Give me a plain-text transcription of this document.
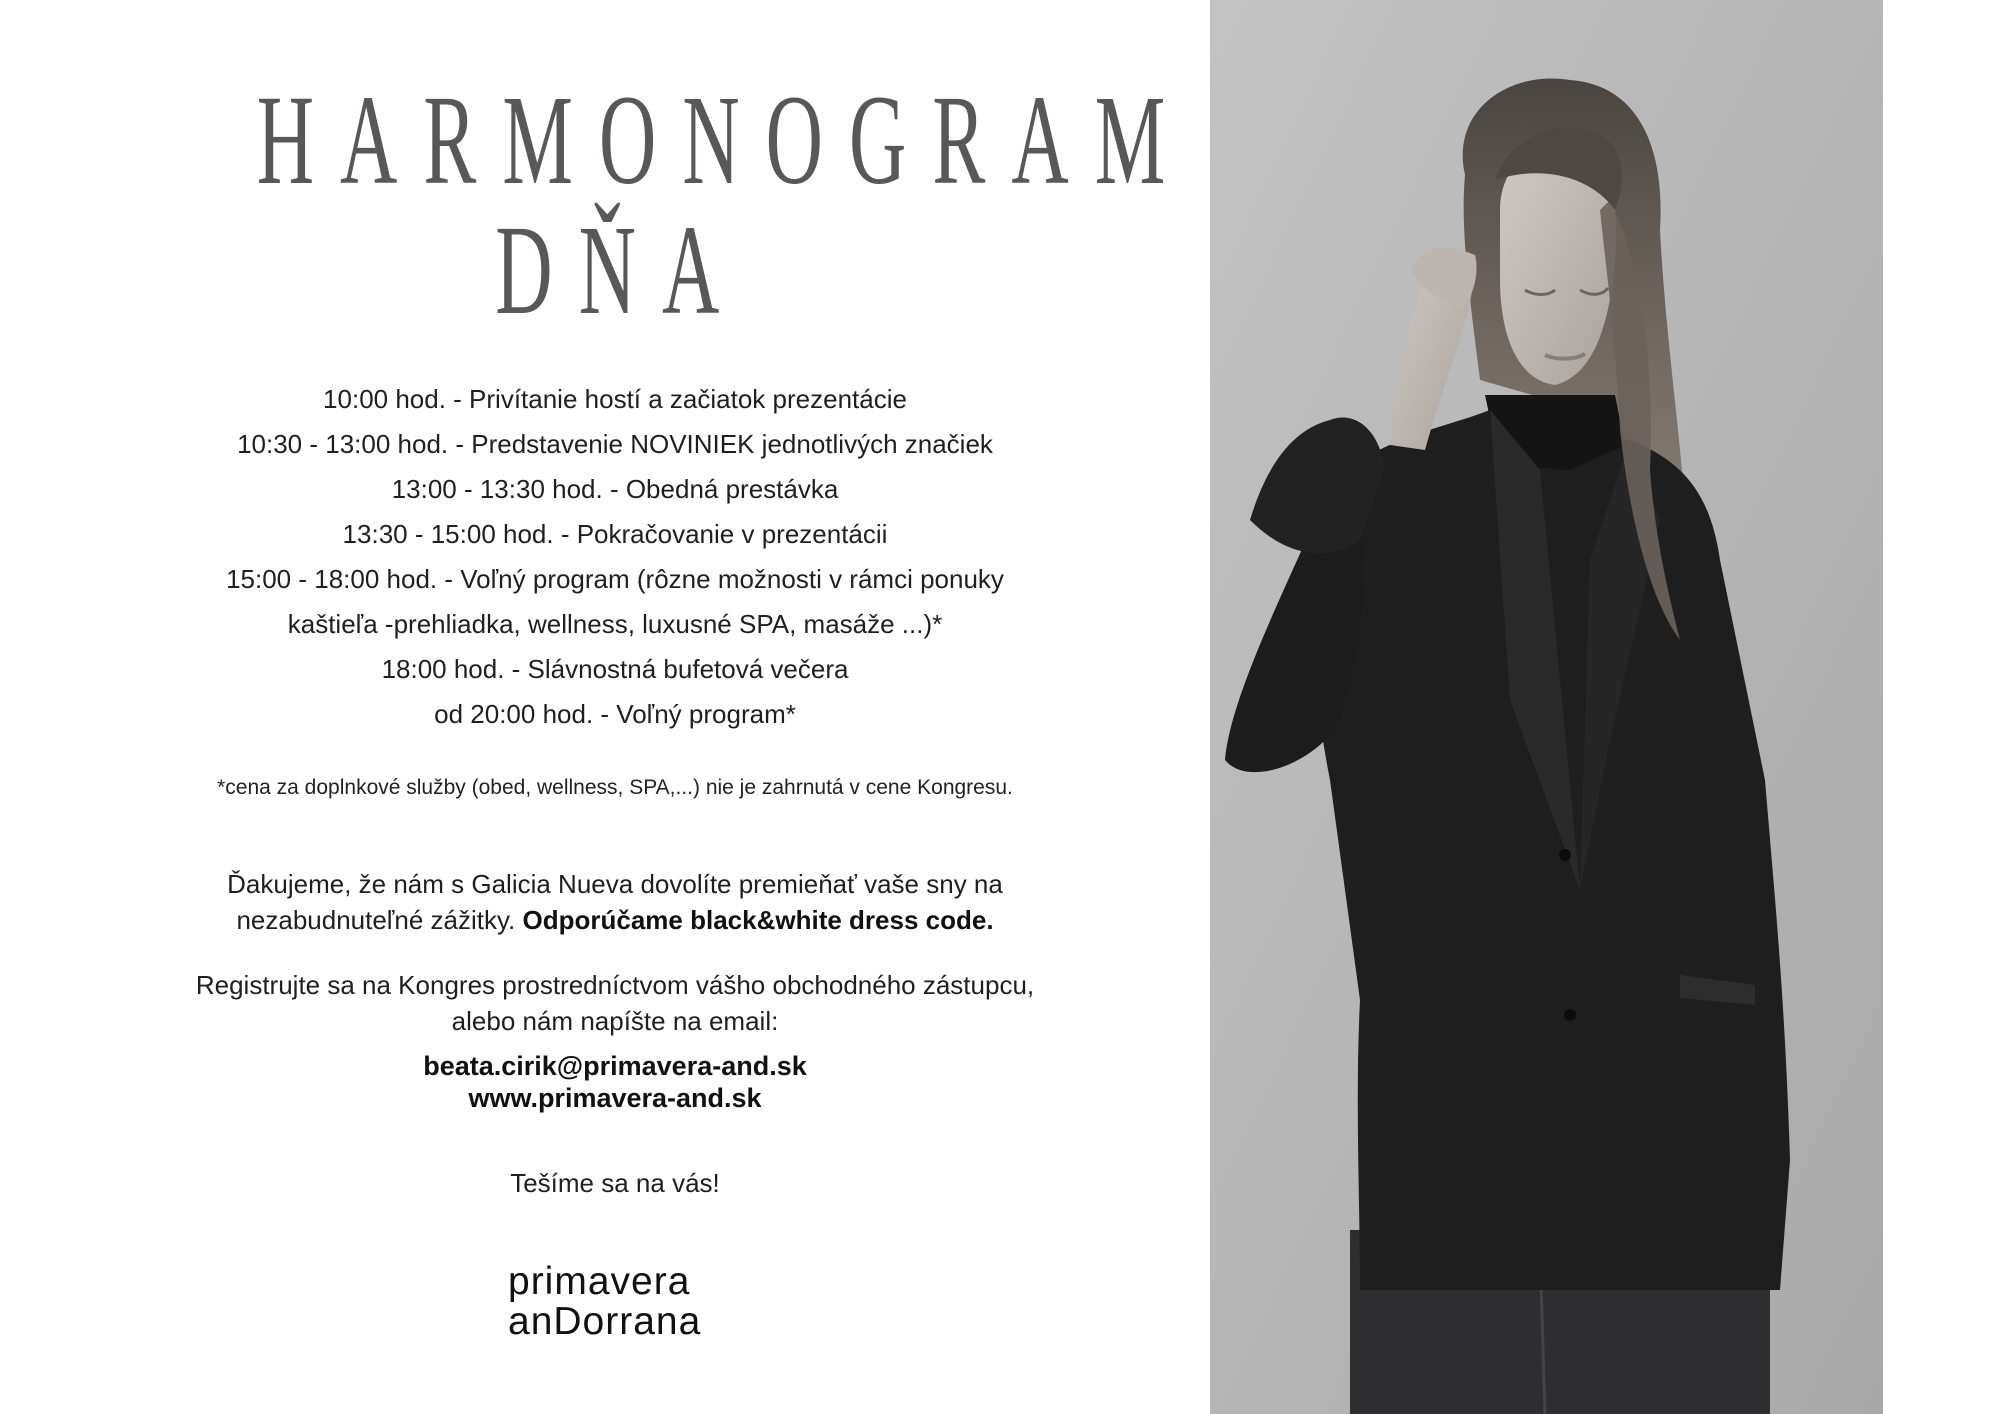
HARMONOGRAM
DŇA
10:00 hod. - Privítanie hostí a začiatok prezentácie
10:30 - 13:00 hod. - Predstavenie NOVINIEK jednotlivých značiek
13:00 - 13:30 hod. - Obedná prestávka
13:30 - 15:00 hod. - Pokračovanie v prezentácii
15:00 - 18:00 hod. - Voľný program (rôzne možnosti v rámci ponuky
kaštieľa -prehliadka, wellness, luxusné SPA, masáže ...)*
18:00 hod. - Slávnostná bufetová večera
od 20:00 hod. - Voľný program*
*cena za doplnkové služby (obed, wellness, SPA,...) nie je zahrnutá v cene Kongresu.
Ďakujeme, že nám s Galicia Nueva dovolíte premieňať vaše sny na
nezabudnuteľné zážitky. Odporúčame black&white dress code.
Registrujte sa na Kongres prostredníctvom vášho obchodného zástupcu,
alebo nám napíšte na email:
beata.cirik@primavera-and.sk
www.primavera-and.sk
Tešíme sa na vás!
primavera
anDorrana
